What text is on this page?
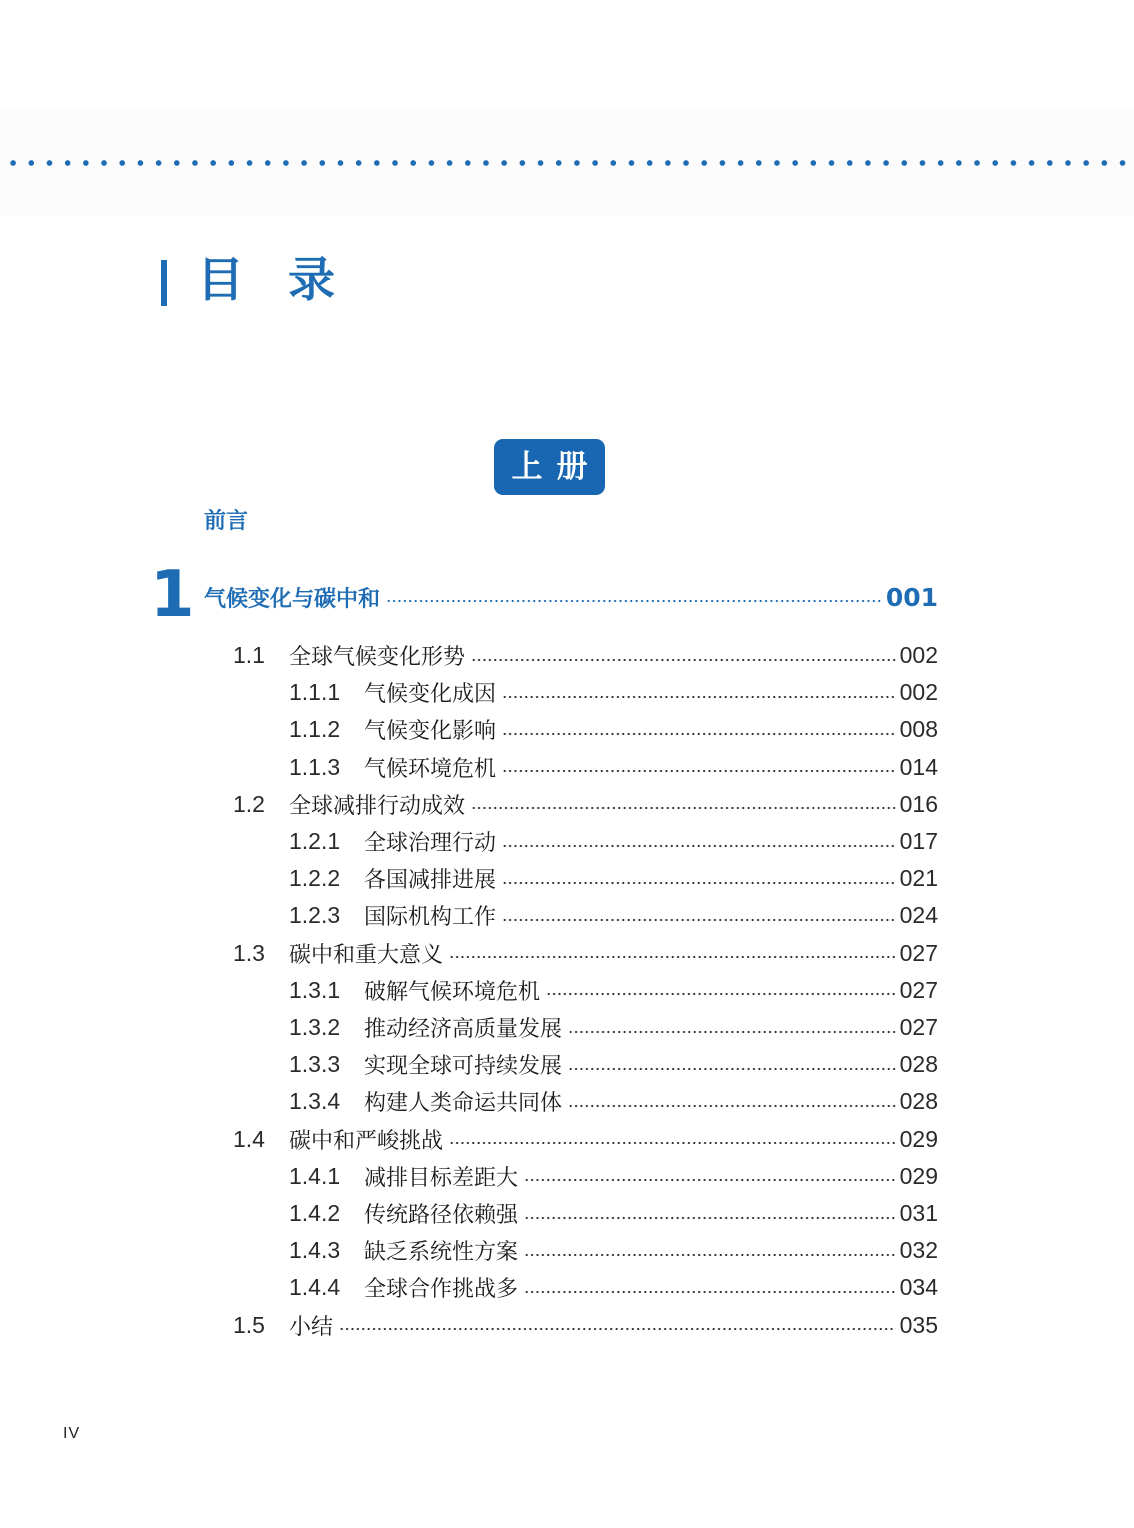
目录
上册
前言
1 气候变化与碳中和	001
1.1	全球气候变化形势	002
1.1.1	气候变化成因	002
1.1.2	气候变化影响	008
1.1.3	气候环境危机	014
1.2	全球减排行动成效	016
1.2.1	全球治理行动	017
1.2.2	各国减排进展	021
1.2.3	国际机构工作	024
1.3	碳中和重大意义	027
1.3.1	破解气候环境危机	027
1.3.2	推动经济高质量发展	027
1.3.3	实现全球可持续发展	028
1.3.4	构建人类命运共同体	028
1.4	碳中和严峻挑战	029
1.4.1	减排目标差距大	029
1.4.2	传统路径依赖强	031
1.4.3	缺乏系统性方案	032
1.4.4	全球合作挑战多	034
1.5	小结	035
IV
